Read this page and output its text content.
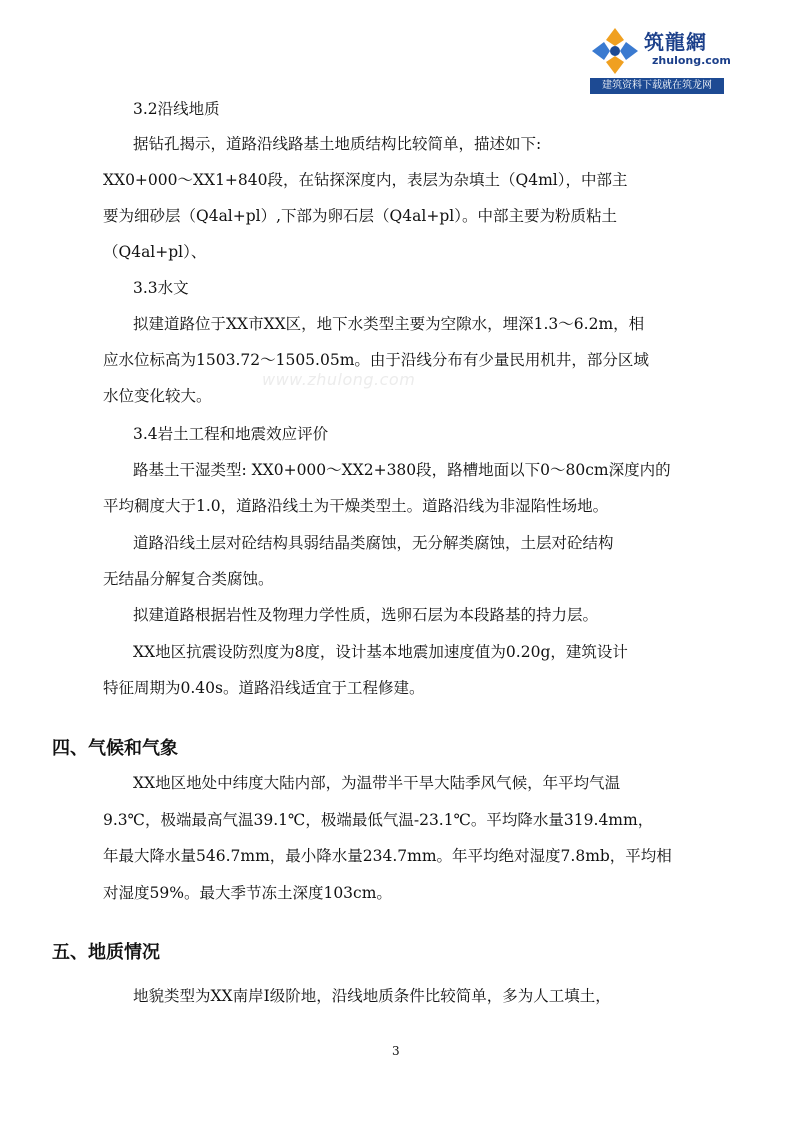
筑龍網
zhulong.com
建筑资料下载就在筑龙网
www.zhulong.com
3.2沿线地质
据钻孔揭示，道路沿线路基土地质结构比较简单，描述如下:
XX0+000～XX1+840段，在钻探深度内，表层为杂填土（Q4ml），中部主
要为细砂层（Q4al+pl）,下部为卵石层（Q4al+pl）。中部主要为粉质粘土
（Q4al+pl）、
3.3水文
拟建道路位于XX市XX区，地下水类型主要为空隙水，埋深1.3～6.2m，相
应水位标高为1503.72～1505.05m。由于沿线分布有少量民用机井，部分区域
水位变化较大。
3.4岩土工程和地震效应评价
路基土干湿类型: XX0+000～XX2+380段，路槽地面以下0～80cm深度内的
平均稠度大于1.0，道路沿线土为干燥类型土。道路沿线为非湿陷性场地。
道路沿线土层对砼结构具弱结晶类腐蚀，无分解类腐蚀，土层对砼结构
无结晶分解复合类腐蚀。
拟建道路根据岩性及物理力学性质，选卵石层为本段路基的持力层。
XX地区抗震设防烈度为8度，设计基本地震加速度值为0.20g，建筑设计
特征周期为0.40s。道路沿线适宜于工程修建。
四、气候和气象
XX地区地处中纬度大陆内部，为温带半干旱大陆季风气候，年平均气温
9.3℃，极端最高气温39.1℃，极端最低气温-23.1℃。平均降水量319.4mm，
年最大降水量546.7mm，最小降水量234.7mm。年平均绝对湿度7.8mb，平均相
对湿度59%。最大季节冻土深度103cm。
五、地质情况
地貌类型为XX南岸Ⅰ级阶地，沿线地质条件比较简单，多为人工填土，
3
